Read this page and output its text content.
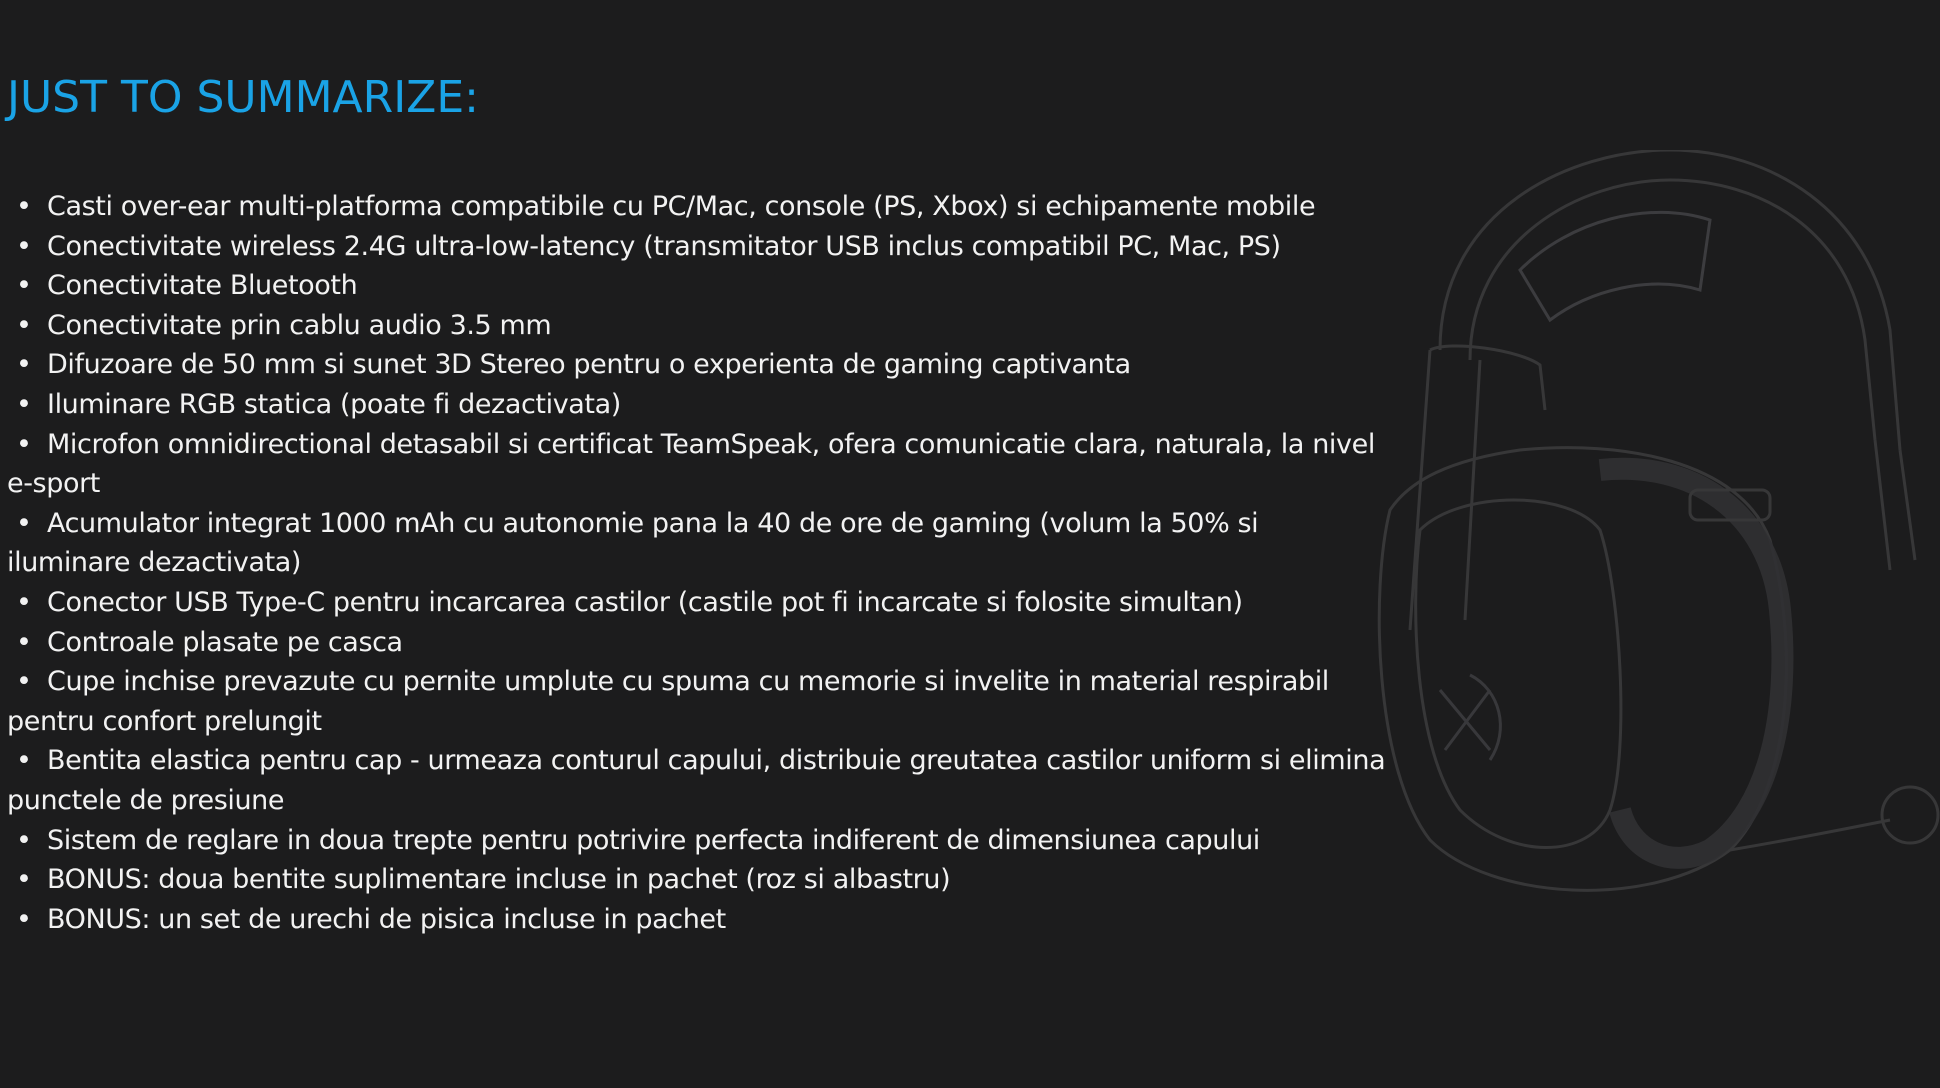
JUST TO SUMMARIZE:
• Casti over-ear multi-platforma compatibile cu PC/Mac, console (PS, Xbox) si echipamente mobile
• Conectivitate wireless 2.4G ultra-low-latency (transmitator USB inclus compatibil PC, Mac, PS)
• Conectivitate Bluetooth
• Conectivitate prin cablu audio 3.5 mm
• Difuzoare de 50 mm si sunet 3D Stereo pentru o experienta de gaming captivanta
• Iluminare RGB statica (poate fi dezactivata)
• Microfon omnidirectional detasabil si certificat TeamSpeak, ofera comunicatie clara, naturala, la nivel e-sport
• Acumulator integrat 1000 mAh cu autonomie pana la 40 de ore de gaming (volum la 50% si iluminare dezactivata)
• Conector USB Type-C pentru incarcarea castilor (castile pot fi incarcate si folosite simultan)
• Controale plasate pe casca
• Cupe inchise prevazute cu pernite umplute cu spuma cu memorie si invelite in material respirabil pentru confort prelungit
• Bentita elastica pentru cap - urmeaza conturul capului, distribuie greutatea castilor uniform si elimina punctele de presiune
• Sistem de reglare in doua trepte pentru potrivire perfecta indiferent de dimensiunea capului
• BONUS: doua bentite suplimentare incluse in pachet (roz si albastru)
• BONUS: un set de urechi de pisica incluse in pachet
